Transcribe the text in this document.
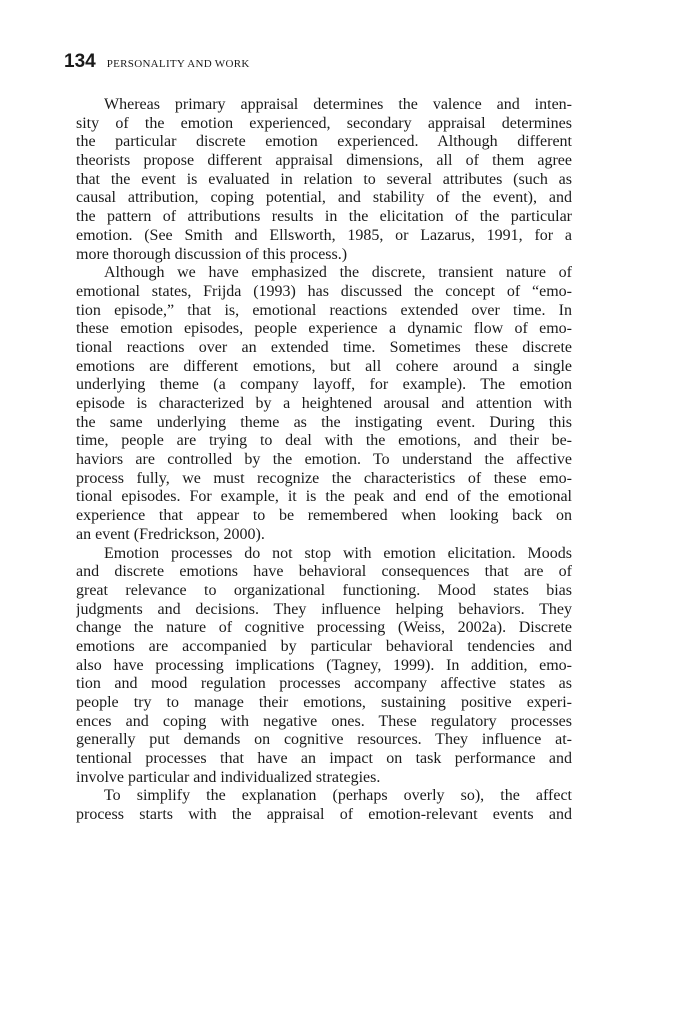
134 PERSONALITY AND WORK

Whereas primary appraisal determines the valence and inten-
sity of the emotion experienced, secondary appraisal determines
the particular discrete emotion experienced. Although different
theorists propose different appraisal dimensions, all of them agree
that the event is evaluated in relation to several attributes (such as
causal attribution, coping potential, and stability of the event), and
the pattern of attributions results in the elicitation of the particular
emotion. (See Smith and Ellsworth, 1985, or Lazarus, 1991, for a
more thorough discussion of this process.)

Although we have emphasized the discrete, transient nature of
emotional states, Frijda (1993) has discussed the concept of “emo-
tion episode,” that is, emotional reactions extended over time. In
these emotion episodes, people experience a dynamic flow of emo-
tional reactions over an extended time. Sometimes these discrete
emotions are different emotions, but all cohere around a single
underlying theme (a company layoff, for example). The emotion
episode is characterized by a heightened arousal and attention with
the same underlying theme as the instigating event. During this
time, people are trying to deal with the emotions, and their be-
haviors are controlled by the emotion. To understand the affective
process fully, we must recognize the characteristics of these emo-
tional episodes. For example, it is the peak and end of the emotional
experience that appear to be remembered when looking back on
an event (Fredrickson, 2000).

Emotion processes do not stop with emotion elicitation. Moods
and discrete emotions have behavioral consequences that are of
great relevance to organizational functioning. Mood states bias
judgments and decisions. They influence helping behaviors. They
change the nature of cognitive processing (Weiss, 2002a). Discrete
emotions are accompanied by particular behavioral tendencies and
also have processing implications (Tagney, 1999). In addition, emo-
tion and mood regulation processes accompany affective states as
people try to manage their emotions, sustaining positive experi-
ences and coping with negative ones. These regulatory processes
generally put demands on cognitive resources. They influence at-
tentional processes that have an impact on task performance and
involve particular and individualized strategies.

To simplify the explanation (perhaps overly so), the affect
process starts with the appraisal of emotion-relevant events and
